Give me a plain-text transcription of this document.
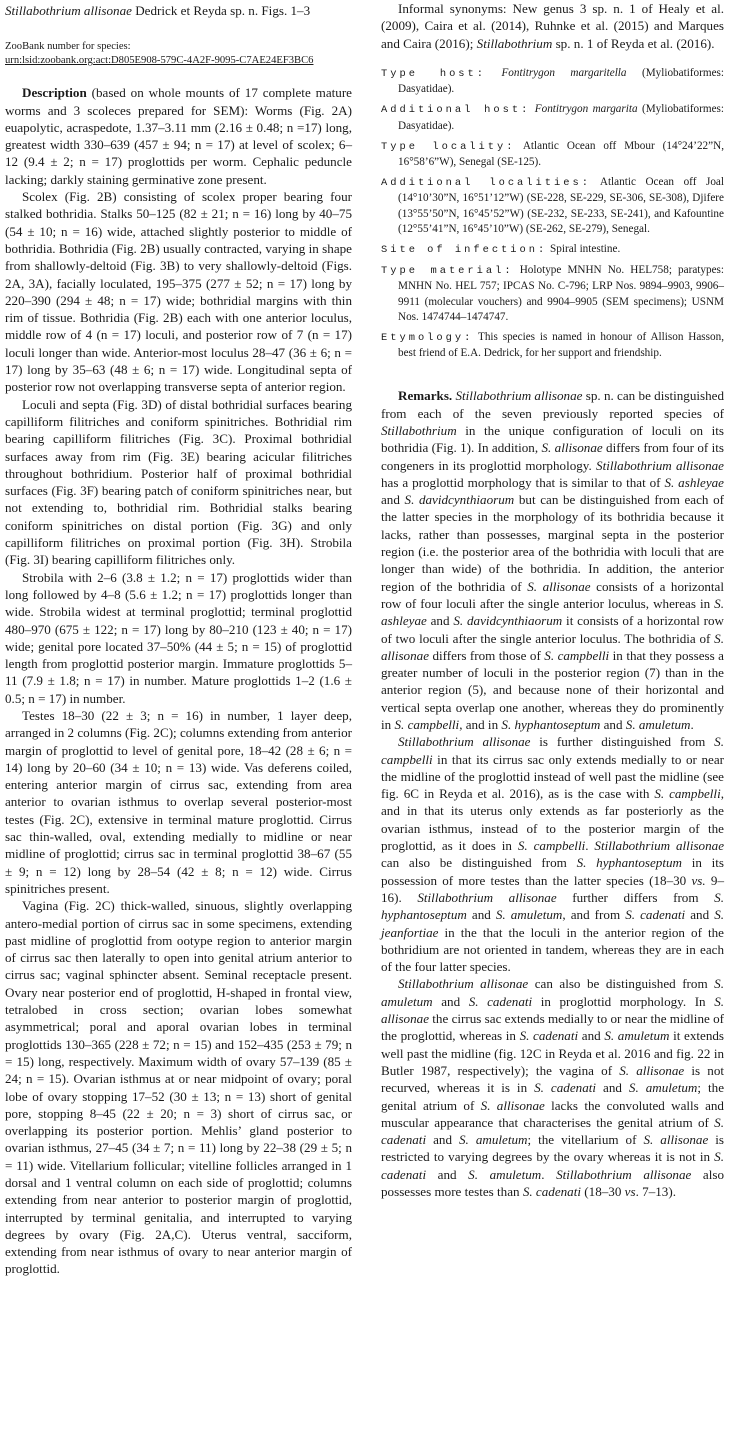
Stillabothrium allisonae Dedrick et Reyda sp. n. Figs. 1–3

ZooBank number for species:
urn:lsid:zoobank.org:act:D805E908-579C-4A2F-9095-C7AE24EF3BC6

Description (based on whole mounts of 17 complete mature worms and 3 scoleces prepared for SEM): Worms (Fig. 2A) euapolytic, acraspedote, 1.37–3.11 mm (2.16 ± 0.48; n =17) long, greatest width 330–639 (457 ± 94; n = 17) at level of scolex; 6–12 (9.4 ± 2; n = 17) proglottids per worm. Cephalic peduncle lacking; darkly staining germinative zone present.

Scolex (Fig. 2B) consisting of scolex proper bearing four stalked bothridia. Stalks 50–125 (82 ± 21; n = 16) long by 40–75 (54 ± 10; n = 16) wide, attached slightly posterior to middle of bothridia. Bothridia (Fig. 2B) usually contracted, varying in shape from shallowly-deltoid (Fig. 3B) to very shallowly-deltoid (Figs. 2A, 3A), facially loculated, 195–375 (277 ± 52; n = 17) long by 220–390 (294 ± 48; n = 17) wide; bothridial margins with thin rim of tissue. Bothridia (Fig. 2B) each with one anterior loculus, middle row of 4 (n = 17) loculi, and posterior row of 7 (n = 17) loculi longer than wide. Anterior-most loculus 28–47 (36 ± 6; n = 17) long by 35–63 (48 ± 6; n = 17) wide. Longitudinal septa of posterior row not overlapping transverse septa of anterior region.

Loculi and septa (Fig. 3D) of distal bothridial surfaces bearing capilliform filitriches and coniform spinitriches. Bothridial rim bearing capilliform filitriches (Fig. 3C). Proximal bothridial surfaces away from rim (Fig. 3E) bearing acicular filitriches throughout bothridium. Posterior half of proximal bothridial surfaces (Fig. 3F) bearing patch of coniform spinitriches near, but not extending to, bothridial rim. Bothridial stalks bearing coniform spinitriches on distal portion (Fig. 3G) and only capilliform filitriches on proximal portion (Fig. 3H). Strobila (Fig. 3I) bearing capilliform filitriches only.

Strobila with 2–6 (3.8 ± 1.2; n = 17) proglottids wider than long followed by 4–8 (5.6 ± 1.2; n = 17) proglottids longer than wide. Strobila widest at terminal proglottid; terminal proglottid 480–970 (675 ± 122; n = 17) long by 80–210 (123 ± 40; n = 17) wide; genital pore located 37–50% (44 ± 5; n = 15) of proglottid length from proglottid posterior margin. Immature proglottids 5–11 (7.9 ± 1.8; n = 17) in number. Mature proglottids 1–2 (1.6 ± 0.5; n = 17) in number.

Testes 18–30 (22 ± 3; n = 16) in number, 1 layer deep, arranged in 2 columns (Fig. 2C); columns extending from anterior margin of proglottid to level of genital pore, 18–42 (28 ± 6; n = 14) long by 20–60 (34 ± 10; n = 13) wide. Vas deferens coiled, entering anterior margin of cirrus sac, extending from area anterior to ovarian isthmus to overlap several posterior-most testes (Fig. 2C), extensive in terminal mature proglottid. Cirrus sac thin-walled, oval, extending medially to midline or near midline of proglottid; cirrus sac in terminal proglottid 38–67 (55 ± 9; n = 12) long by 28–54 (42 ± 8; n = 12) wide. Cirrus spinitriches present.

Vagina (Fig. 2C) thick-walled, sinuous, slightly overlapping antero-medial portion of cirrus sac in some specimens, extending past midline of proglottid from ootype region to anterior margin of cirrus sac then laterally to open into genital atrium anterior to cirrus sac; vaginal sphincter absent. Seminal receptacle present. Ovary near posterior end of proglottid, H-shaped in frontal view, tetralobed in cross section; ovarian lobes somewhat asymmetrical; poral and aporal ovarian lobes in terminal proglottids 130–365 (228 ± 72; n = 15) and 152–435 (253 ± 79; n = 15) long, respectively. Maximum width of ovary 57–139 (85 ± 24; n = 15). Ovarian isthmus at or near midpoint of ovary; poral lobe of ovary stopping 17–52 (30 ± 13; n = 13) short of genital pore, stopping 8–45 (22 ± 20; n = 3) short of cirrus sac, or overlapping its posterior portion. Mehlis’ gland posterior to ovarian isthmus, 27–45 (34 ± 7; n = 11) long by 22–38 (29 ± 5; n = 11) wide. Vitellarium follicular; vitelline follicles arranged in 1 dorsal and 1 ventral column on each side of proglottid; columns extending from near anterior to posterior margin of proglottid, interrupted by terminal genitalia, and interrupted to varying degrees by ovary (Fig. 2A,C). Uterus ventral, sacciform, extending from near isthmus of ovary to near anterior margin of proglottid.

Informal synonyms: New genus 3 sp. n. 1 of Healy et al. (2009), Caira et al. (2014), Ruhnke et al. (2015) and Marques and Caira (2016); Stillabothrium sp. n. 1 of Reyda et al. (2016).

Type host: Fontitrygon margaritella (Myliobatiformes: Dasyatidae).
Additional host: Fontitrygon margarita (Myliobatiformes: Dasyatidae).
Type locality: Atlantic Ocean off Mbour (14°24’22”N, 16°58’6”W), Senegal (SE-125).
Additional localities: Atlantic Ocean off Joal (14°10’30”N, 16°51’12”W) (SE-228, SE-229, SE-306, SE-308), Djifere (13°55’50”N, 16°45’52”W) (SE-232, SE-233, SE-241), and Kafountine (12°55’41”N, 16°45’10”W) (SE-262, SE-279), Senegal.
Site of infection: Spiral intestine.
Type material: Holotype MNHN No. HEL758; paratypes: MNHN No. HEL 757; IPCAS No. C-796; LRP Nos. 9894–9903, 9906–9911 (molecular vouchers) and 9904–9905 (SEM specimens); USNM Nos. 1474744–1474747.
Etymology: This species is named in honour of Allison Hasson, best friend of E.A. Dedrick, for her support and friendship.

Remarks. Stillabothrium allisonae sp. n. can be distinguished from each of the seven previously reported species of Stillabothrium in the unique configuration of loculi on its bothridia (Fig. 1). In addition, S. allisonae differs from four of its congeners in its proglottid morphology. Stillabothrium allisonae has a proglottid morphology that is similar to that of S. ashleyae and S. davidcynthiaorum but can be distinguished from each of the latter species in the morphology of its bothridia because it lacks, rather than possesses, marginal septa in the posterior region (i.e. the posterior area of the bothridia with loculi that are longer than wide) of the bothridia. In addition, the anterior region of the bothridia of S. allisonae consists of a horizontal row of four loculi after the single anterior loculus, whereas in S. ashleyae and S. davidcynthiaorum it consists of a horizontal row of two loculi after the single anterior loculus. The bothridia of S. allisonae differs from those of S. campbelli in that they possess a greater number of loculi in the posterior region (7) than in the anterior region (5), and because none of their horizontal and vertical septa overlap one another, whereas they do prominently in S. campbelli, and in S. hyphantoseptum and S. amuletum.

Stillabothrium allisonae is further distinguished from S. campbelli in that its cirrus sac only extends medially to or near the midline of the proglottid instead of well past the midline (see fig. 6C in Reyda et al. 2016), as is the case with S. campbelli, and in that its uterus only extends as far posteriorly as the ovarian isthmus, instead of to the posterior margin of the proglottid, as it does in S. campbelli. Stillabothrium allisonae can also be distinguished from S. hyphantoseptum in its possession of more testes than the latter species (18–30 vs. 9–16). Stillabothrium allisonae further differs from S. hyphantoseptum and S. amuletum, and from S. cadenati and S. jeanfortiae in the that the loculi in the anterior region of the bothridium are not oriented in tandem, whereas they are in each of the four latter species.

Stillabothrium allisonae can also be distinguished from S. amuletum and S. cadenati in proglottid morphology. In S. allisonae the cirrus sac extends medially to or near the midline of the proglottid, whereas in S. cadenati and S. amuletum it extends well past the midline (fig. 12C in Reyda et al. 2016 and fig. 22 in Butler 1987, respectively); the vagina of S. allisonae is not recurved, whereas it is in S. cadenati and S. amuletum; the genital atrium of S. allisonae lacks the convoluted walls and muscular appearance that characterises the genital atrium of S. cadenati and S. amuletum; the vitellarium of S. allisonae is restricted to varying degrees by the ovary whereas it is not in S. cadenati and S. amuletum. Stillabothrium allisonae also possesses more testes than S. cadenati (18–30 vs. 7–13).
